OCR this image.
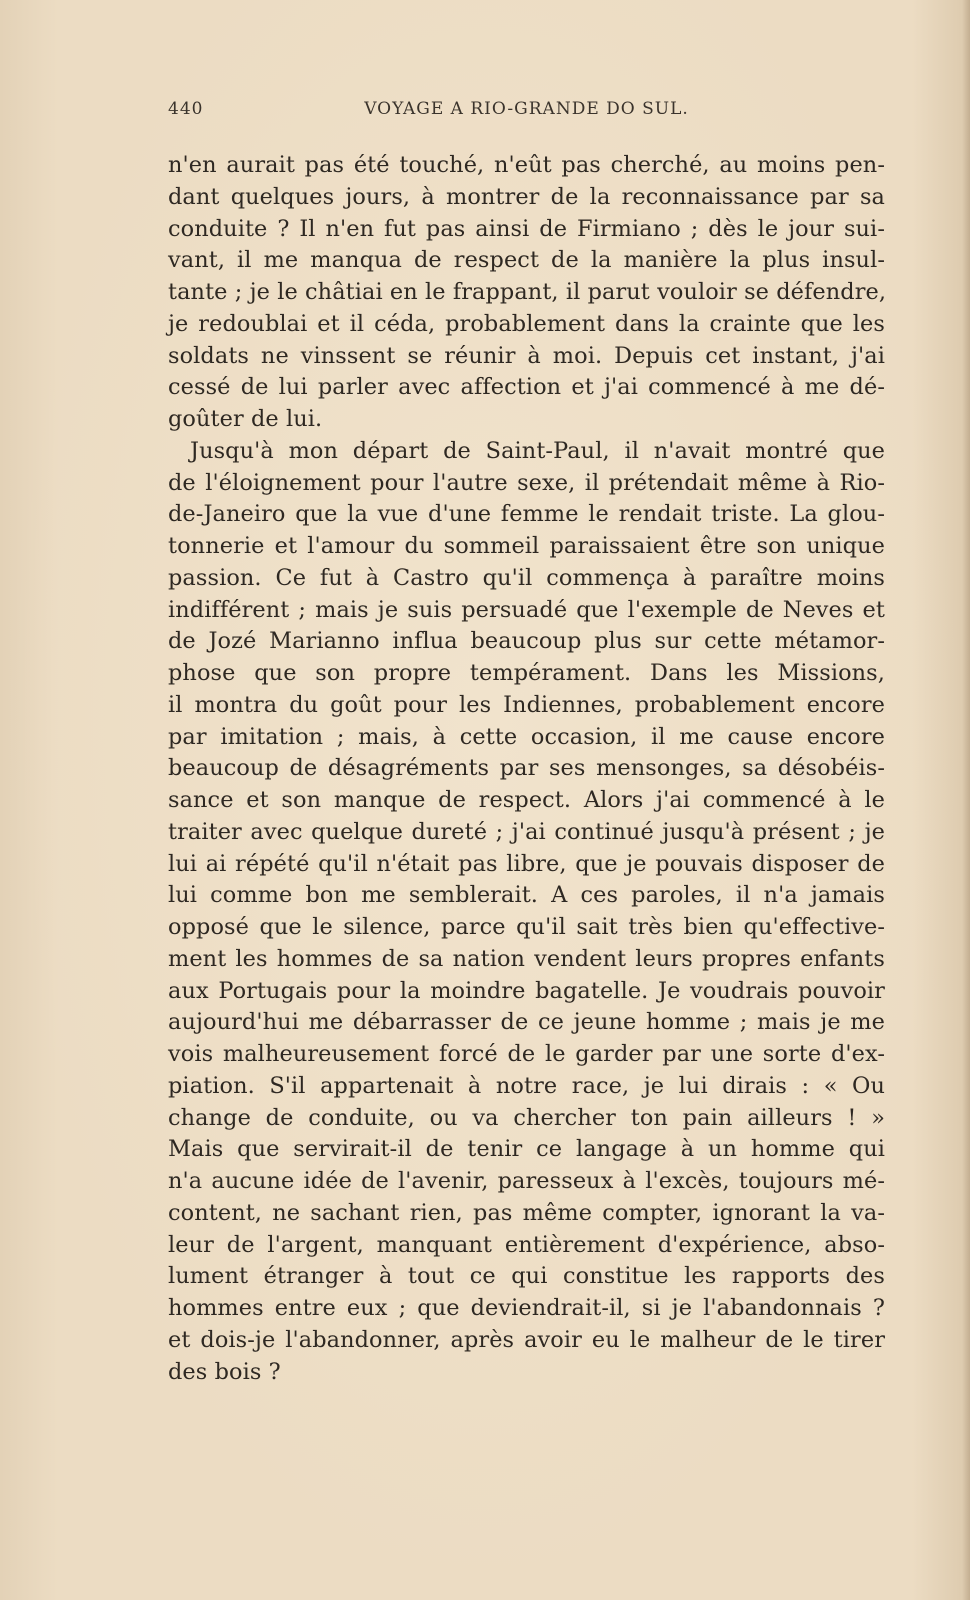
440	VOYAGE A RIO-GRANDE DO SUL.
n'en aurait pas été touché, n'eût pas cherché, au moins pen-
dant quelques jours, à montrer de la reconnaissance par sa
conduite ? Il n'en fut pas ainsi de Firmiano ; dès le jour sui-
vant, il me manqua de respect de la manière la plus insul-
tante ; je le châtiai en le frappant, il parut vouloir se défendre,
je redoublai et il céda, probablement dans la crainte que les
soldats ne vinssent se réunir à moi. Depuis cet instant, j'ai
cessé de lui parler avec affection et j'ai commencé à me dé-
goûter de lui.
Jusqu'à mon départ de Saint-Paul, il n'avait montré que
de l'éloignement pour l'autre sexe, il prétendait même à Rio-
de-Janeiro que la vue d'une femme le rendait triste. La glou-
tonnerie et l'amour du sommeil paraissaient être son unique
passion. Ce fut à Castro qu'il commença à paraître moins
indifférent ; mais je suis persuadé que l'exemple de Neves et
de Jozé Marianno influa beaucoup plus sur cette métamor-
phose que son propre tempérament. Dans les Missions,
il montra du goût pour les Indiennes, probablement encore
par imitation ; mais, à cette occasion, il me cause encore
beaucoup de désagréments par ses mensonges, sa désobéis-
sance et son manque de respect. Alors j'ai commencé à le
traiter avec quelque dureté ; j'ai continué jusqu'à présent ; je
lui ai répété qu'il n'était pas libre, que je pouvais disposer de
lui comme bon me semblerait. A ces paroles, il n'a jamais
opposé que le silence, parce qu'il sait très bien qu'effective-
ment les hommes de sa nation vendent leurs propres enfants
aux Portugais pour la moindre bagatelle. Je voudrais pouvoir
aujourd'hui me débarrasser de ce jeune homme ; mais je me
vois malheureusement forcé de le garder par une sorte d'ex-
piation. S'il appartenait à notre race, je lui dirais : « Ou
change de conduite, ou va chercher ton pain ailleurs ! »
Mais que servirait-il de tenir ce langage à un homme qui
n'a aucune idée de l'avenir, paresseux à l'excès, toujours mé-
content, ne sachant rien, pas même compter, ignorant la va-
leur de l'argent, manquant entièrement d'expérience, abso-
lument étranger à tout ce qui constitue les rapports des
hommes entre eux ; que deviendrait-il, si je l'abandonnais ?
et dois-je l'abandonner, après avoir eu le malheur de le tirer
des bois ?
